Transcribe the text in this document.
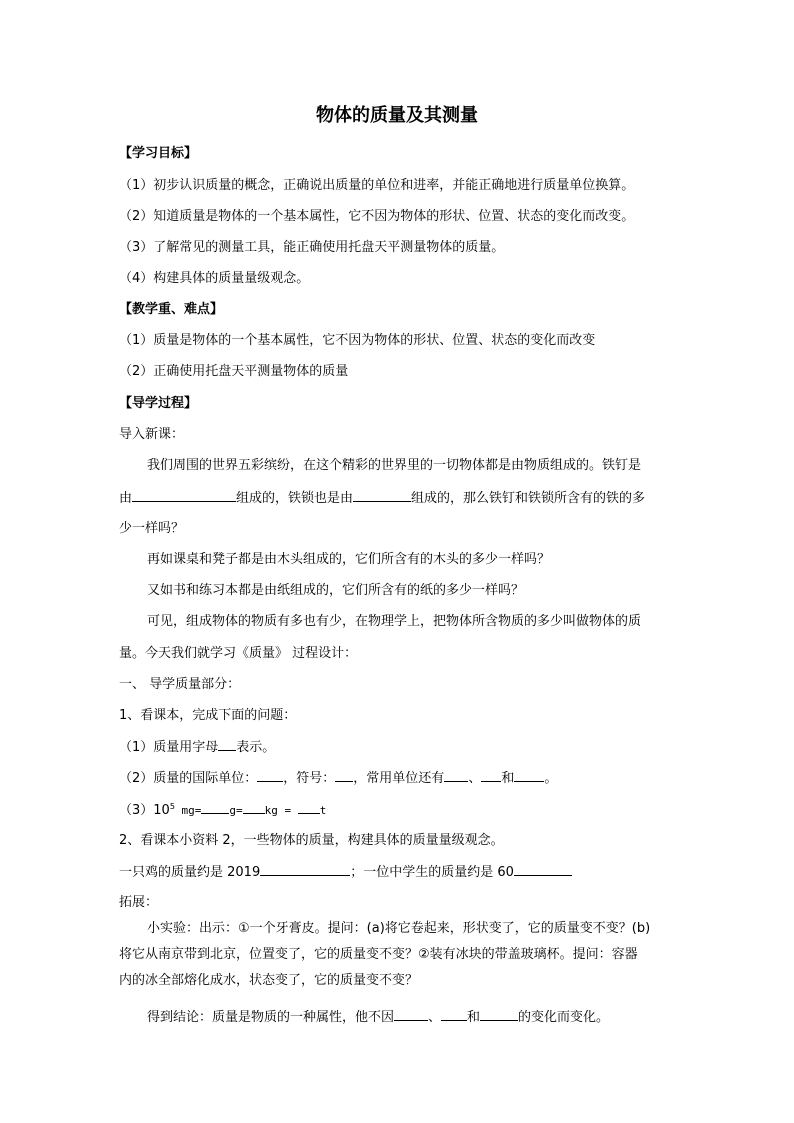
物体的质量及其测量
【学习目标】
（1）初步认识质量的概念，正确说出质量的单位和进率，并能正确地进行质量单位换算。
（2）知道质量是物体的一个基本属性，它不因为物体的形状、位置、状态的变化而改变。
（3）了解常见的测量工具，能正确使用托盘天平测量物体的质量。
（4）构建具体的质量量级观念。
【教学重、难点】
（1）质量是物体的一个基本属性，它不因为物体的形状、位置、状态的变化而改变
（2）正确使用托盘天平测量物体的质量
【导学过程】
导入新课：
我们周围的世界五彩缤纷，在这个精彩的世界里的一切物体都是由物质组成的。铁钉是
由	组成的，铁锁也是由	组成的，那么铁钉和铁锁所含有的铁的多
少一样吗？
再如课桌和凳子都是由木头组成的，它们所含有的木头的多少一样吗？
又如书和练习本都是由纸组成的，它们所含有的纸的多少一样吗？
可见，组成物体的物质有多也有少，在物理学上，把物体所含物质的多少叫做物体的质
量。今天我们就学习《质量》 过程设计：
一、 导学质量部分：
1、看课本，完成下面的问题：
（1）质量用字母 表示。
（2）质量的国际单位： ，符号： ，常用单位还有 、 和 。
$(3)10^5$ mg=	g= kg = t
2、看课本小资料 2，一些物体的质量，构建具体的质量量级观念。
一只鸡的质量约是 2019	；一位中学生的质量约是 60
拓展：
小实验：出示：①一个牙膏皮。提问：(a)将它卷起来，形状变了，它的质量变不变？(b)
将它从南京带到北京，位置变了，它的质量变不变？②装有冰块的带盖玻璃杯。提问：容器
内的冰全部熔化成水，状态变了，它的质量变不变？
得到结论：质量是物质的一种属性，他不因	、 和	的变化而变化。
